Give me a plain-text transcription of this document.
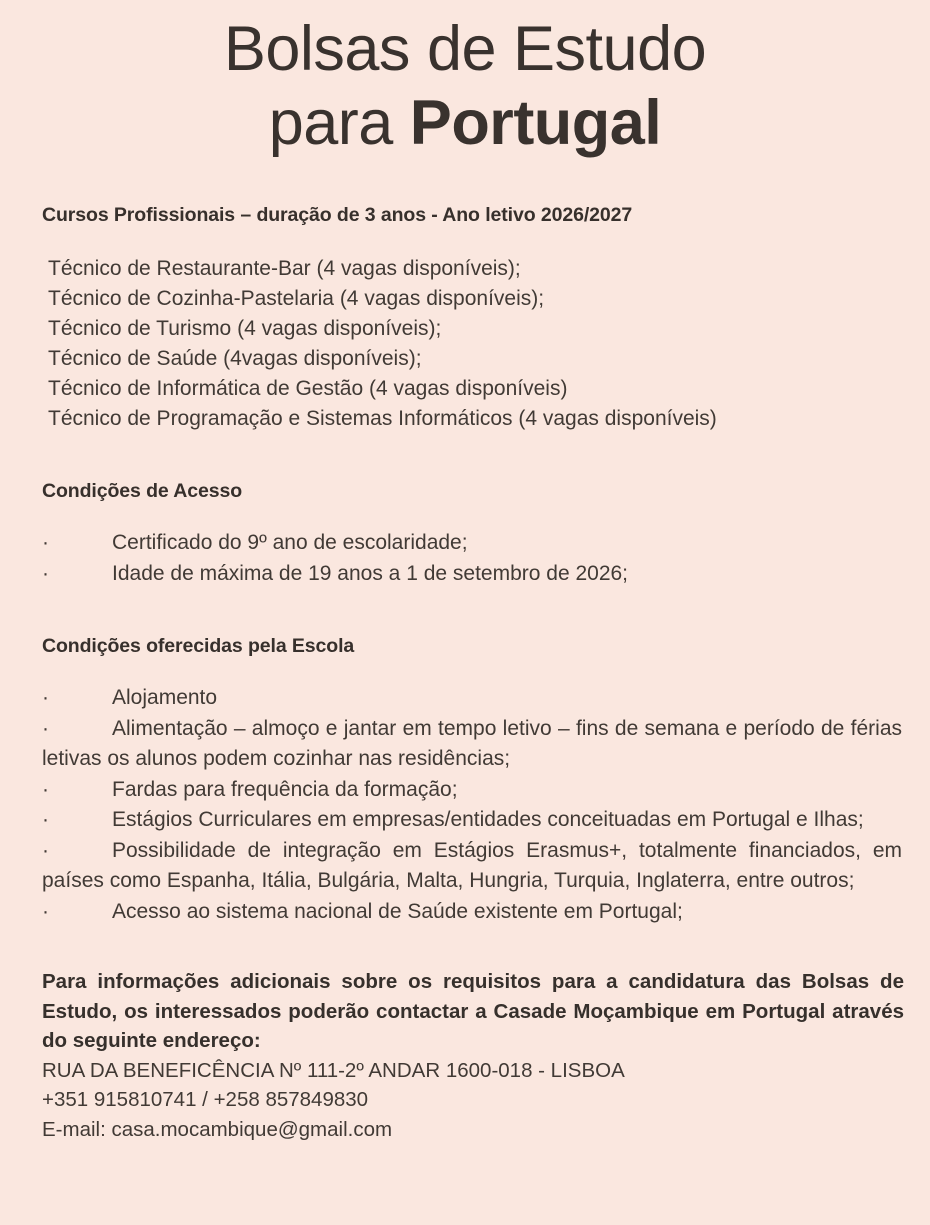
Bolsas de Estudo
para Portugal
Cursos Profissionais – duração de 3 anos - Ano letivo 2026/2027
Técnico de Restaurante-Bar (4 vagas disponíveis);
Técnico de Cozinha-Pastelaria (4 vagas disponíveis);
Técnico de Turismo (4 vagas disponíveis);
Técnico de Saúde (4vagas disponíveis);
Técnico de Informática de Gestão (4 vagas disponíveis)
Técnico de Programação e Sistemas Informáticos (4 vagas disponíveis)
Condições de Acesso
·	Certificado do 9º ano de escolaridade;
·	Idade de máxima de 19 anos a 1 de setembro de 2026;
Condições oferecidas pela Escola
·	Alojamento
·	Alimentação – almoço e jantar em tempo letivo – fins de semana e período de férias letivas os alunos podem cozinhar nas residências;
·	Fardas para frequência da formação;
·	Estágios Curriculares em empresas/entidades conceituadas em Portugal e Ilhas;
·	Possibilidade de integração em Estágios Erasmus+, totalmente financiados, em países como Espanha, Itália, Bulgária, Malta, Hungria, Turquia, Inglaterra, entre outros;
·	Acesso ao sistema nacional de Saúde existente em Portugal;

Para informações adicionais sobre os requisitos para a candidatura das Bolsas de Estudo, os interessados poderão contactar a Casade Moçambique em Portugal através do seguinte endereço:

RUA DA BENEFICÊNCIA Nº 111-2º ANDAR 1600-018 - LISBOA

+351 915810741 / +258 857849830

E-mail: casa.mocambique@gmail.com
